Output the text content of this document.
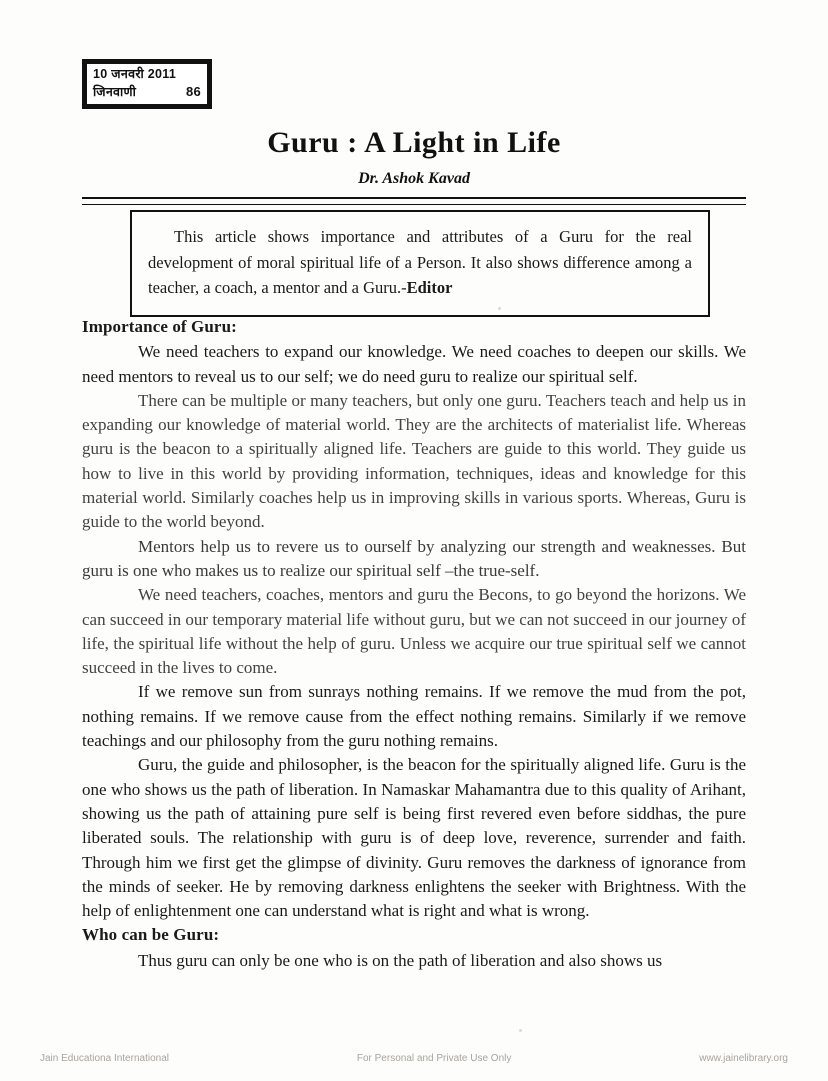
10 जनवरी 2011
जिनवाणी	86
Guru : A Light in Life
Dr. Ashok Kavad
This article shows importance and attributes of a Guru for the real development of moral spiritual life of a Person. It also shows difference among a teacher, a coach, a mentor and a Guru.-Editor
Importance of Guru:

We need teachers to expand our knowledge. We need coaches to deepen our skills. We need mentors to reveal us to our self; we do need guru to realize our spiritual self.

There can be multiple or many teachers, but only one guru. Teachers teach and help us in expanding our knowledge of material world. They are the architects of materialist life. Whereas guru is the beacon to a spiritually aligned life. Teachers are guide to this world. They guide us how to live in this world by providing information, techniques, ideas and knowledge for this material world. Similarly coaches help us in improving skills in various sports. Whereas, Guru is guide to the world beyond.

Mentors help us to revere us to ourself by analyzing our strength and weaknesses. But guru is one who makes us to realize our spiritual self –the true-self.

We need teachers, coaches, mentors and guru the Becons, to go beyond the horizons. We can succeed in our temporary material life without guru, but we can not succeed in our journey of life, the spiritual life without the help of guru. Unless we acquire our true spiritual self we cannot succeed in the lives to come.

If we remove sun from sunrays nothing remains. If we remove the mud from the pot, nothing remains. If we remove cause from the effect nothing remains. Similarly if we remove teachings and our philosophy from the guru nothing remains.

Guru, the guide and philosopher, is the beacon for the spiritually aligned life. Guru is the one who shows us the path of liberation. In Namaskar Mahamantra due to this quality of Arihant, showing us the path of attaining pure self is being first revered even before siddhas, the pure liberated souls. The relationship with guru is of deep love, reverence, surrender and faith. Through him we first get the glimpse of divinity. Guru removes the darkness of ignorance from the minds of seeker. He by removing darkness enlightens the seeker with Brightness. With the help of enlightenment one can understand what is right and what is wrong.

Who can be Guru:

Thus guru can only be one who is on the path of liberation and also shows us

Jain Educationa International	For Personal and Private Use Only	www.jainelibrary.org
